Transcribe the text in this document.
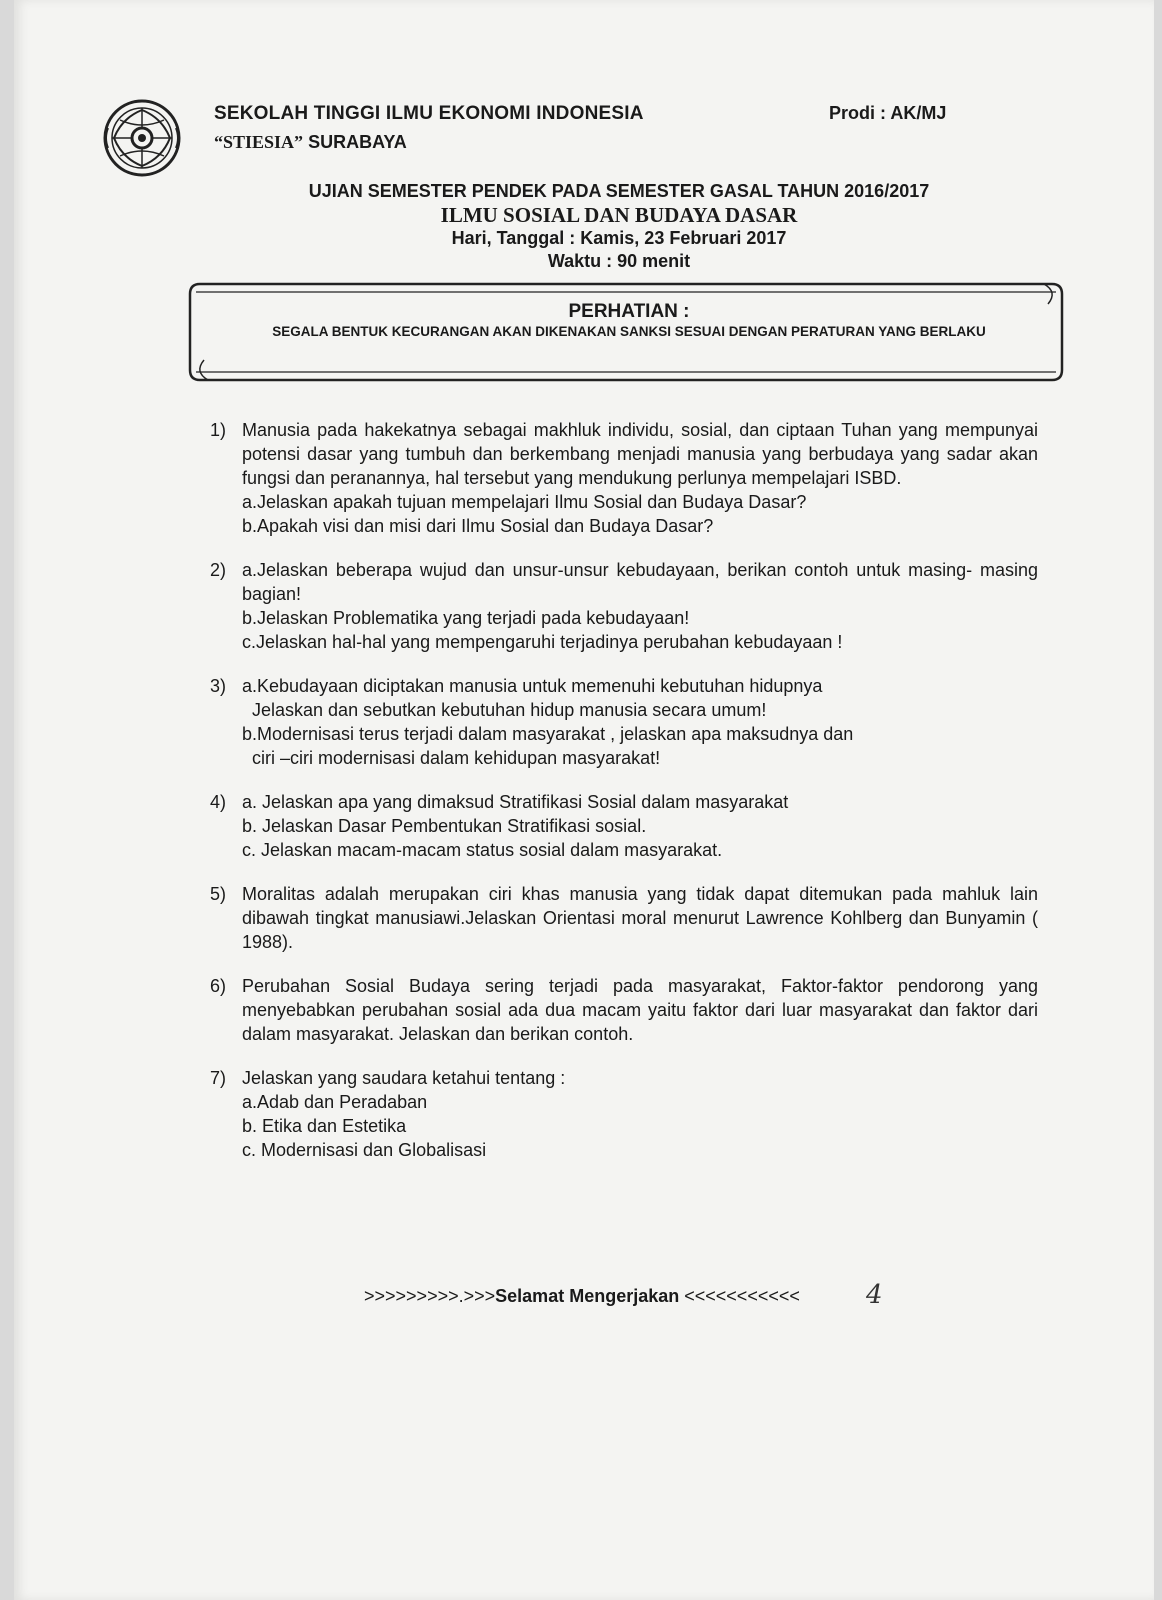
SEKOLAH TINGGI ILMU EKONOMI INDONESIA
“STIESIA” SURABAYA
Prodi : AK/MJ
UJIAN SEMESTER PENDEK PADA SEMESTER GASAL TAHUN 2016/2017
ILMU SOSIAL DAN BUDAYA DASAR
Hari, Tanggal : Kamis, 23 Februari 2017
Waktu : 90 menit
PERHATIAN :
SEGALA BENTUK KECURANGAN AKAN DIKENAKAN SANKSI SESUAI DENGAN PERATURAN YANG BERLAKU
1) Manusia pada hakekatnya sebagai makhluk individu, sosial, dan ciptaan Tuhan yang mempunyai potensi dasar yang tumbuh dan berkembang menjadi manusia yang berbudaya yang sadar akan fungsi dan peranannya, hal tersebut yang mendukung perlunya mempelajari ISBD.
a.Jelaskan apakah tujuan mempelajari Ilmu Sosial dan Budaya Dasar?
b.Apakah visi dan misi dari Ilmu Sosial dan Budaya Dasar?
2) a.Jelaskan beberapa wujud dan unsur-unsur kebudayaan, berikan contoh untuk masing- masing bagian!
b.Jelaskan Problematika yang terjadi pada kebudayaan!
c.Jelaskan hal-hal yang mempengaruhi terjadinya perubahan kebudayaan !
3) a.Kebudayaan diciptakan manusia untuk memenuhi kebutuhan hidupnya
Jelaskan dan sebutkan kebutuhan hidup manusia secara umum!
b.Modernisasi terus terjadi dalam masyarakat , jelaskan apa maksudnya dan
ciri –ciri modernisasi dalam kehidupan masyarakat!
4) a. Jelaskan apa yang dimaksud Stratifikasi Sosial dalam masyarakat
b. Jelaskan Dasar Pembentukan Stratifikasi sosial.
c. Jelaskan macam-macam status sosial dalam masyarakat.
5) Moralitas adalah merupakan ciri khas manusia yang tidak dapat ditemukan pada mahluk lain dibawah tingkat manusiawi.Jelaskan Orientasi moral menurut Lawrence Kohlberg dan Bunyamin ( 1988).
6) Perubahan Sosial Budaya sering terjadi pada masyarakat, Faktor-faktor pendorong yang menyebabkan perubahan sosial ada dua macam yaitu faktor dari luar masyarakat dan faktor dari dalam masyarakat. Jelaskan dan berikan contoh.
7) Jelaskan yang saudara ketahui tentang :
a.Adab dan Peradaban
b. Etika dan Estetika
c. Modernisasi dan Globalisasi
>>>>>>>>>.>>>Selamat Mengerjakan <<<<<<<<<<<	4
